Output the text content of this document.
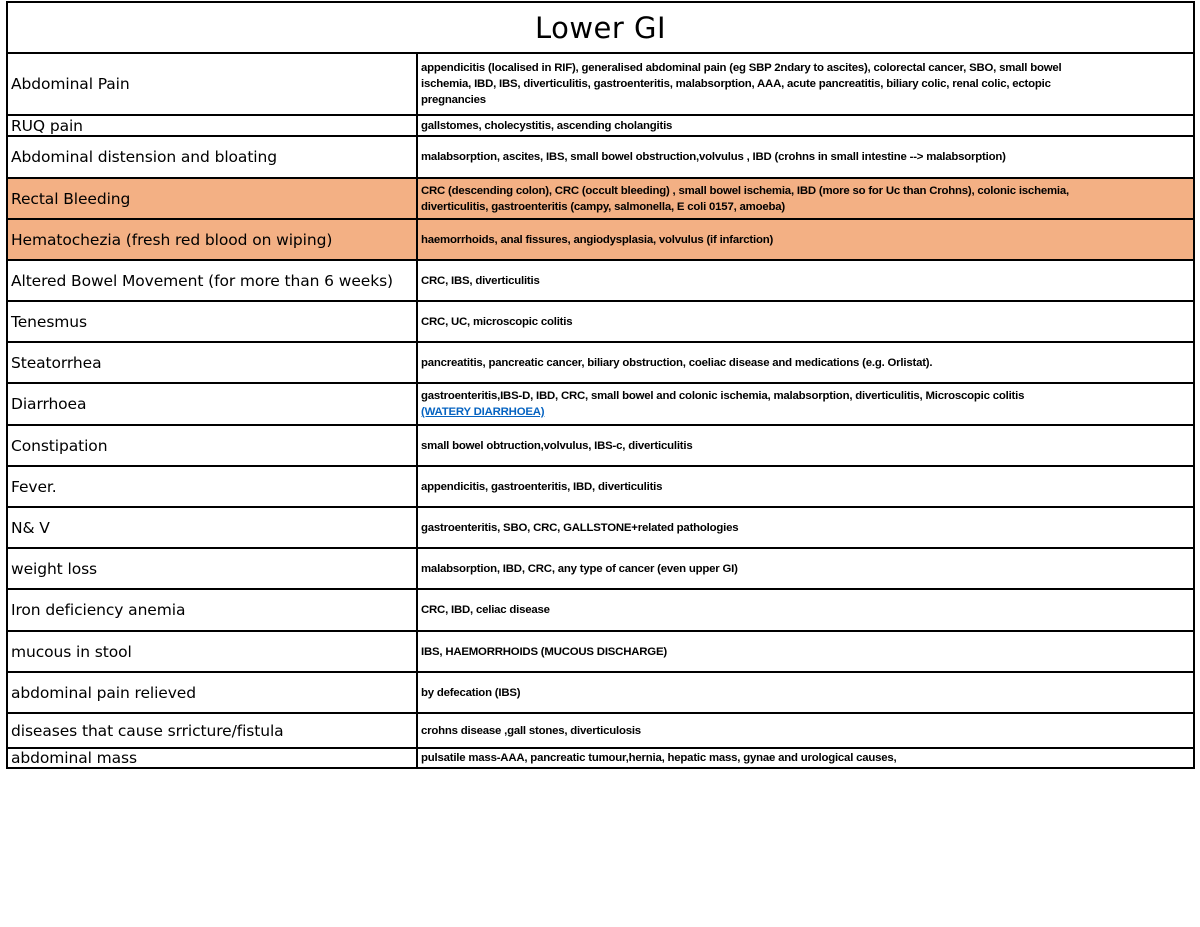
Lower GI	
Abdominal Pain	appendicitis (localised in RIF), generalised abdominal pain (eg SBP 2ndary to ascites), colorectal cancer, SBO, small bowel
ischemia, IBD, IBS, diverticulitis, gastroenteritis, malabsorption, AAA, acute pancreatitis, biliary colic, renal colic, ectopic
pregnancies

RUQ pain	gallstomes, cholecystitis, ascending cholangitis

Abdominal distension and bloating	malabsorption, ascites, IBS, small bowel obstruction,volvulus , IBD (crohns in small intestine --> malabsorption)

Rectal Bleeding	CRC (descending colon), CRC (occult bleeding) , small bowel ischemia, IBD (more so for Uc than Crohns), colonic ischemia,
diverticulitis, gastroenteritis (campy, salmonella, E coli 0157, amoeba)

Hematochezia (fresh red blood on wiping)	haemorrhoids, anal fissures, angiodysplasia, volvulus (if infarction)

Altered Bowel Movement (for more than 6 weeks)	CRC, IBS, diverticulitis

Tenesmus	CRC, UC, microscopic colitis

Steatorrhea	pancreatitis, pancreatic cancer, biliary obstruction, coeliac disease and medications (e.g. Orlistat).

Diarrhoea	gastroenteritis,IBS-D, IBD, CRC, small bowel and colonic ischemia, malabsorption, diverticulitis, Microscopic colitis
(WATERY DIARRHOEA)

Constipation	small bowel obtruction,volvulus, IBS-c, diverticulitis

Fever.	appendicitis, gastroenteritis, IBD, diverticulitis

N& V	gastroenteritis, SBO, CRC, GALLSTONE+related pathologies

weight loss	malabsorption, IBD, CRC, any type of cancer (even upper GI)

Iron deficiency anemia	CRC, IBD, celiac disease

mucous in stool	IBS, HAEMORRHOIDS (MUCOUS DISCHARGE)

abdominal pain relieved	by defecation (IBS)

diseases that cause srricture/fistula	crohns disease ,gall stones, diverticulosis

abdominal mass	pulsatile mass-AAA, pancreatic tumour,hernia, hepatic mass, gynae and urological causes,
